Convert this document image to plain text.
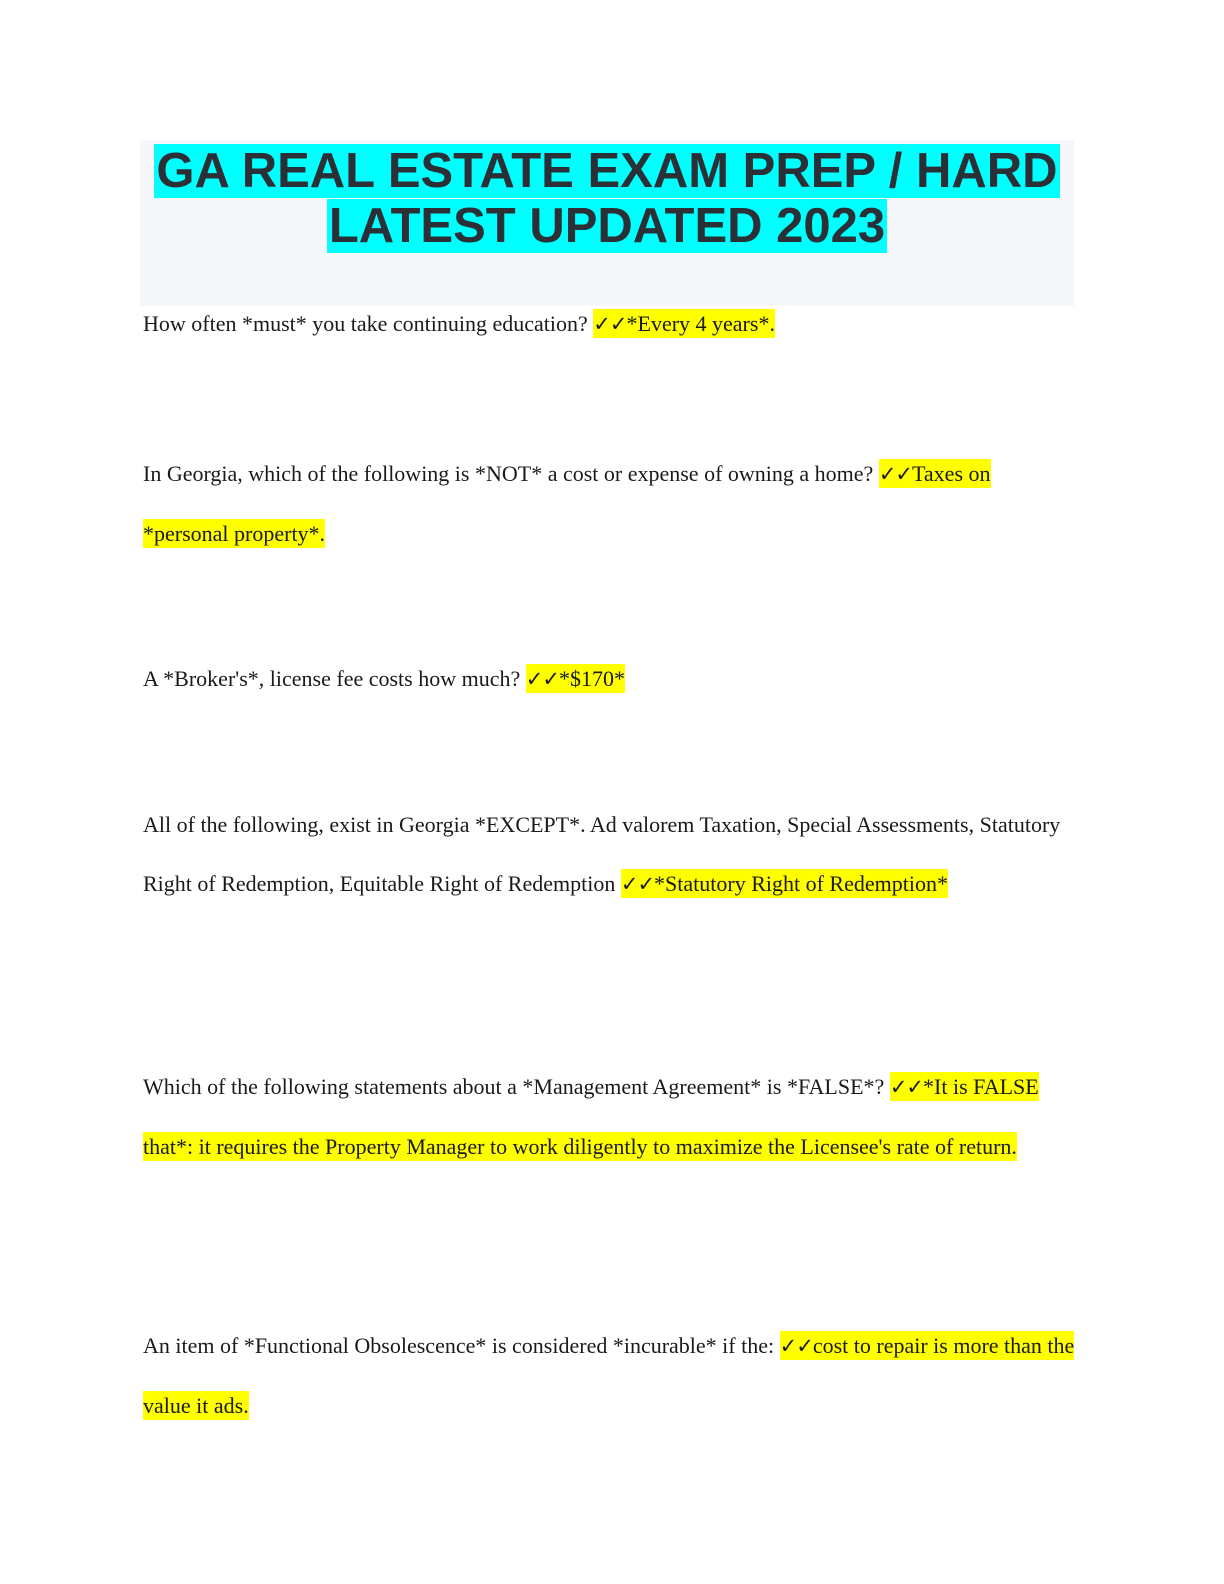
GA REAL ESTATE EXAM PREP / HARD
LATEST UPDATED 2023
How often *must* you take continuing education? ✓✓*Every 4 years*.
In Georgia, which of the following is *NOT* a cost or expense of owning a home? ✓✓Taxes on *personal property*.
A *Broker's*, license fee costs how much? ✓✓*$170*
All of the following, exist in Georgia *EXCEPT*. Ad valorem Taxation, Special Assessments, Statutory Right of Redemption, Equitable Right of Redemption ✓✓*Statutory Right of Redemption*
Which of the following statements about a *Management Agreement* is *FALSE*? ✓✓*It is FALSE that*: it requires the Property Manager to work diligently to maximize the Licensee's rate of return.
An item of *Functional Obsolescence* is considered *incurable* if the: ✓✓cost to repair is more than the value it ads.
